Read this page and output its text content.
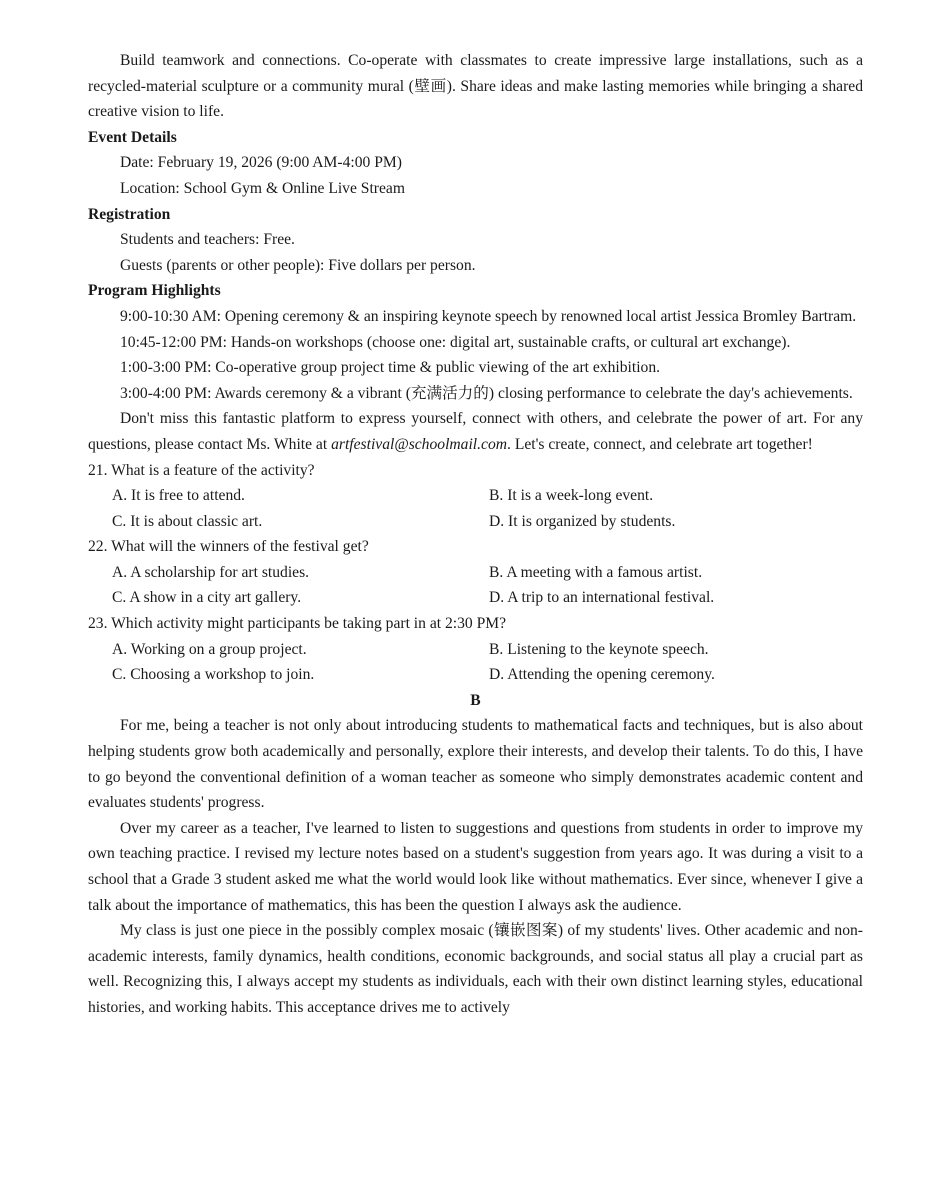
Build teamwork and connections. Co-operate with classmates to create impressive large installations, such as a recycled-material sculpture or a community mural (壁画). Share ideas and make lasting memories while bringing a shared creative vision to life.

Event Details

Date: February 19, 2026 (9:00 AM-4:00 PM)

Location: School Gym & Online Live Stream

Registration

Students and teachers: Free.

Guests (parents or other people): Five dollars per person.

Program Highlights

9:00-10:30 AM: Opening ceremony & an inspiring keynote speech by renowned local artist Jessica Bromley Bartram.

10:45-12:00 PM: Hands-on workshops (choose one: digital art, sustainable crafts, or cultural art exchange).

1:00-3:00 PM: Co-operative group project time & public viewing of the art exhibition.

3:00-4:00 PM: Awards ceremony & a vibrant (充满活力的) closing performance to celebrate the day's achievements.

Don't miss this fantastic platform to express yourself, connect with others, and celebrate the power of art. For any questions, please contact Ms. White at artfestival@schoolmail.com. Let's create, connect, and celebrate art together!

21. What is a feature of the activity?

A. It is free to attend.	B. It is a week-long event.
C. It is about classic art.	D. It is organized by students.

22. What will the winners of the festival get?

A. A scholarship for art studies.	B. A meeting with a famous artist.
C. A show in a city art gallery.	D. A trip to an international festival.

23. Which activity might participants be taking part in at 2:30 PM?

A. Working on a group project.	B. Listening to the keynote speech.
C. Choosing a workshop to join.	D. Attending the opening ceremony.

B

For me, being a teacher is not only about introducing students to mathematical facts and techniques, but is also about helping students grow both academically and personally, explore their interests, and develop their talents. To do this, I have to go beyond the conventional definition of a woman teacher as someone who simply demonstrates academic content and evaluates students' progress.

Over my career as a teacher, I've learned to listen to suggestions and questions from students in order to improve my own teaching practice. I revised my lecture notes based on a student's suggestion from years ago. It was during a visit to a school that a Grade 3 student asked me what the world would look like without mathematics. Ever since, whenever I give a talk about the importance of mathematics, this has been the question I always ask the audience.

My class is just one piece in the possibly complex mosaic (镶嵌图案) of my students' lives. Other academic and non-academic interests, family dynamics, health conditions, economic backgrounds, and social status all play a crucial part as well. Recognizing this, I always accept my students as individuals, each with their own distinct learning styles, educational histories, and working habits. This acceptance drives me to actively
